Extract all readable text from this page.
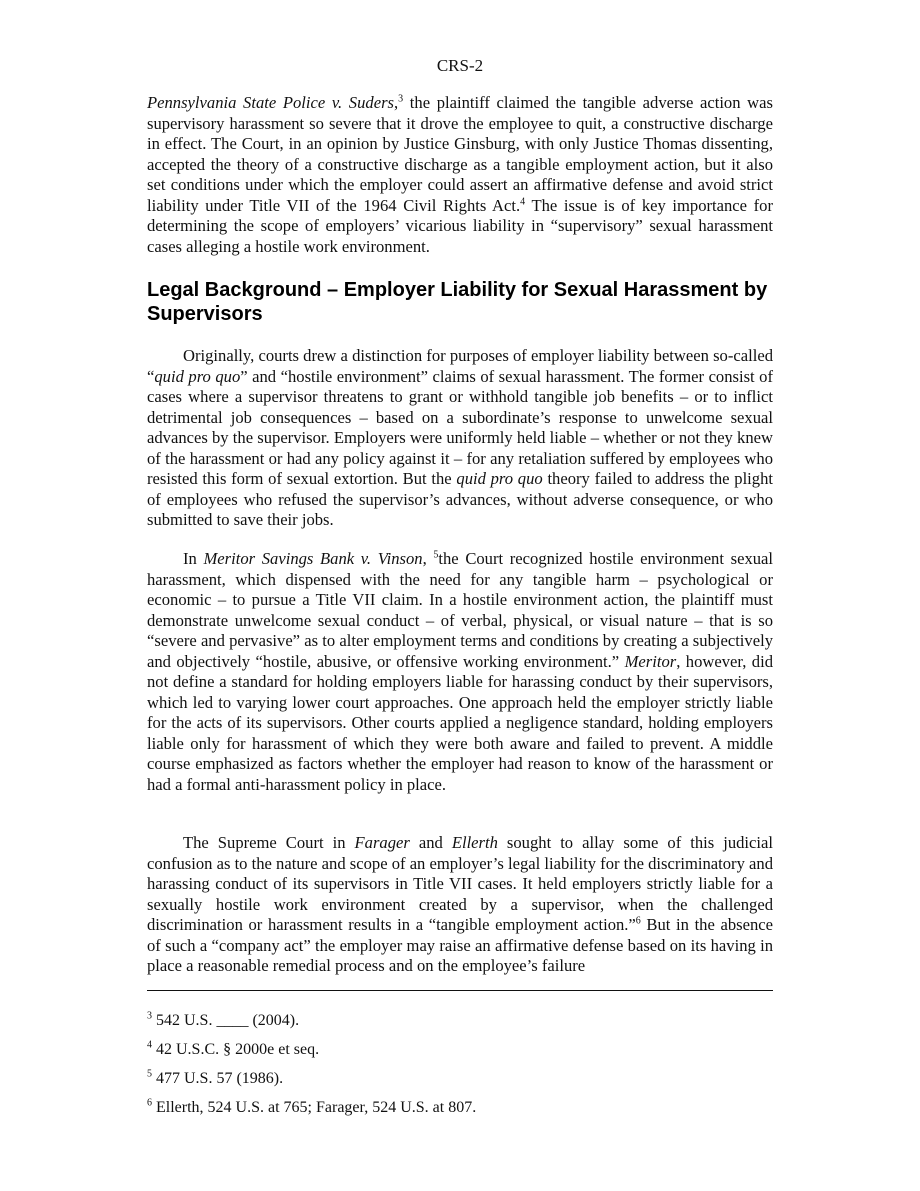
CRS-2
Pennsylvania State Police v. Suders,$^3$ the plaintiff claimed the tangible adverse action was supervisory harassment so severe that it drove the employee to quit, a constructive discharge in effect. The Court, in an opinion by Justice Ginsburg, with only Justice Thomas dissenting, accepted the theory of a constructive discharge as a tangible employment action, but it also set conditions under which the employer could assert an affirmative defense and avoid strict liability under Title VII of the 1964 Civil Rights Act.$^4$ The issue is of key importance for determining the scope of employers’ vicarious liability in “supervisory” sexual harassment cases alleging a hostile work environment.
Legal Background – Employer Liability for Sexual Harassment by Supervisors
Originally, courts drew a distinction for purposes of employer liability between so-called “quid pro quo” and “hostile environment” claims of sexual harassment. The former consist of cases where a supervisor threatens to grant or withhold tangible job benefits – or to inflict detrimental job consequences – based on a subordinate’s response to unwelcome sexual advances by the supervisor. Employers were uniformly held liable – whether or not they knew of the harassment or had any policy against it – for any retaliation suffered by employees who resisted this form of sexual extortion. But the quid pro quo theory failed to address the plight of employees who refused the supervisor’s advances, without adverse consequence, or who submitted to save their jobs.
In Meritor Savings Bank v. Vinson, $^5$the Court recognized hostile environment sexual harassment, which dispensed with the need for any tangible harm – psychological or economic – to pursue a Title VII claim. In a hostile environment action, the plaintiff must demonstrate unwelcome sexual conduct – of verbal, physical, or visual nature – that is so “severe and pervasive” as to alter employment terms and conditions by creating a subjectively and objectively “hostile, abusive, or offensive working environment.” Meritor, however, did not define a standard for holding employers liable for harassing conduct by their supervisors, which led to varying lower court approaches. One approach held the employer strictly liable for the acts of its supervisors. Other courts applied a negligence standard, holding employers liable only for harassment of which they were both aware and failed to prevent. A middle course emphasized as factors whether the employer had reason to know of the harassment or had a formal anti-harassment policy in place.
The Supreme Court in Farager and Ellerth sought to allay some of this judicial confusion as to the nature and scope of an employer’s legal liability for the discriminatory and harassing conduct of its supervisors in Title VII cases. It held employers strictly liable for a sexually hostile work environment created by a supervisor, when the challenged discrimination or harassment results in a “tangible employment action.”$^6$ But in the absence of such a “company act” the employer may raise an affirmative defense based on its having in place a reasonable remedial process and on the employee’s failure
$^3$ 542 U.S. ____ (2004).
$^4$ 42 U.S.C. § 2000e et seq.
$^5$ 477 U.S. 57 (1986).
$^6$ Ellerth, 524 U.S. at 765; Farager, 524 U.S. at 807.
